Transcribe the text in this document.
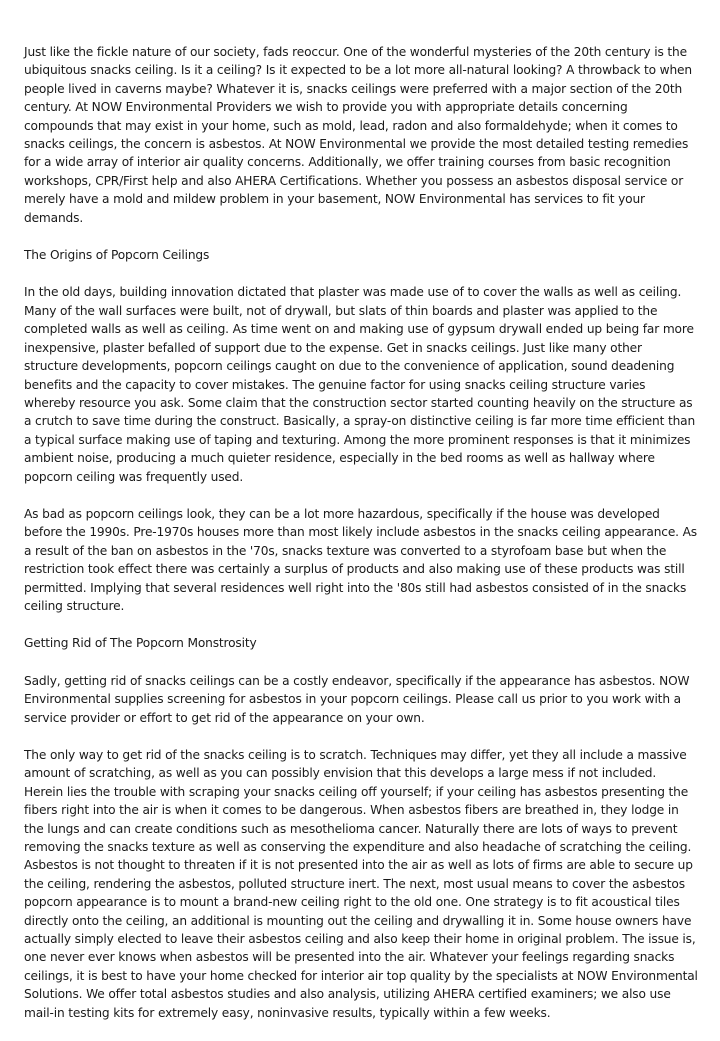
Just like the fickle nature of our society, fads reoccur. One of the wonderful mysteries of the 20th century is the ubiquitous snacks ceiling. Is it a ceiling? Is it expected to be a lot more all-natural looking? A throwback to when people lived in caverns maybe? Whatever it is, snacks ceilings were preferred with a major section of the 20th century. At NOW Environmental Providers we wish to provide you with appropriate details concerning compounds that may exist in your home, such as mold, lead, radon and also formaldehyde; when it comes to snacks ceilings, the concern is asbestos. At NOW Environmental we provide the most detailed testing remedies for a wide array of interior air quality concerns. Additionally, we offer training courses from basic recognition workshops, CPR/First help and also AHERA Certifications. Whether you possess an asbestos disposal service or merely have a mold and mildew problem in your basement, NOW Environmental has services to fit your demands.

The Origins of Popcorn Ceilings

In the old days, building innovation dictated that plaster was made use of to cover the walls as well as ceiling. Many of the wall surfaces were built, not of drywall, but slats of thin boards and plaster was applied to the completed walls as well as ceiling. As time went on and making use of gypsum drywall ended up being far more inexpensive, plaster befalled of support due to the expense. Get in snacks ceilings. Just like many other structure developments, popcorn ceilings caught on due to the convenience of application, sound deadening benefits and the capacity to cover mistakes. The genuine factor for using snacks ceiling structure varies whereby resource you ask. Some claim that the construction sector started counting heavily on the structure as a crutch to save time during the construct. Basically, a spray-on distinctive ceiling is far more time efficient than a typical surface making use of taping and texturing. Among the more prominent responses is that it minimizes ambient noise, producing a much quieter residence, especially in the bed rooms as well as hallway where popcorn ceiling was frequently used.

As bad as popcorn ceilings look, they can be a lot more hazardous, specifically if the house was developed before the 1990s. Pre-1970s houses more than most likely include asbestos in the snacks ceiling appearance. As a result of the ban on asbestos in the '70s, snacks texture was converted to a styrofoam base but when the restriction took effect there was certainly a surplus of products and also making use of these products was still permitted. Implying that several residences well right into the '80s still had asbestos consisted of in the snacks ceiling structure.

Getting Rid of The Popcorn Monstrosity

Sadly, getting rid of snacks ceilings can be a costly endeavor, specifically if the appearance has asbestos. NOW Environmental supplies screening for asbestos in your popcorn ceilings. Please call us prior to you work with a service provider or effort to get rid of the appearance on your own.

The only way to get rid of the snacks ceiling is to scratch. Techniques may differ, yet they all include a massive amount of scratching, as well as you can possibly envision that this develops a large mess if not included. Herein lies the trouble with scraping your snacks ceiling off yourself; if your ceiling has asbestos presenting the fibers right into the air is when it comes to be dangerous. When asbestos fibers are breathed in, they lodge in the lungs and can create conditions such as mesothelioma cancer. Naturally there are lots of ways to prevent removing the snacks texture as well as conserving the expenditure and also headache of scratching the ceiling. Asbestos is not thought to threaten if it is not presented into the air as well as lots of firms are able to secure up the ceiling, rendering the asbestos, polluted structure inert. The next, most usual means to cover the asbestos popcorn appearance is to mount a brand-new ceiling right to the old one. One strategy is to fit acoustical tiles directly onto the ceiling, an additional is mounting out the ceiling and drywalling it in. Some house owners have actually simply elected to leave their asbestos ceiling and also keep their home in original problem. The issue is, one never ever knows when asbestos will be presented into the air. Whatever your feelings regarding snacks ceilings, it is best to have your home checked for interior air top quality by the specialists at NOW Environmental Solutions. We offer total asbestos studies and also analysis, utilizing AHERA certified examiners; we also use mail-in testing kits for extremely easy, noninvasive results, typically within a few weeks.
